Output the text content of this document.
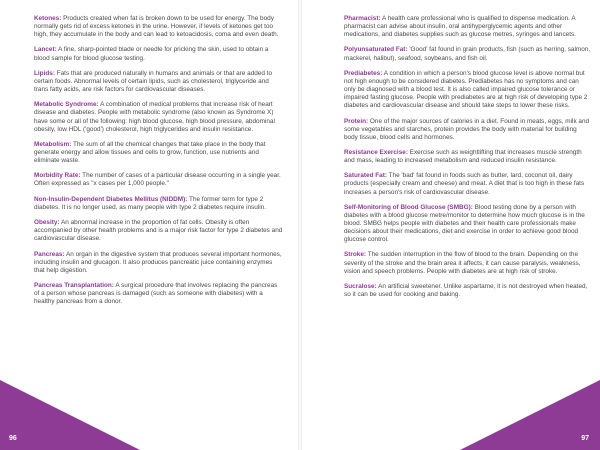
Ketones: Products created when fat is broken down to be used for energy. The body normally gets rid of excess ketones in the urine. However, if levels of ketones get too high, they accumulate in the body and can lead to ketoacidosis, coma and even death.

Lancet: A fine, sharp-pointed blade or needle for pricking the skin, used to obtain a blood sample for blood glucose testing.

Lipids: Fats that are produced naturally in humans and animals or that are added to certain foods. Abnormal levels of certain lipids, such as cholesterol, triglyceride and trans fatty acids, are risk factors for cardiovascular diseases.

Metabolic Syndrome: A combination of medical problems that increase risk of heart disease and diabetes. People with metabolic syndrome (also known as Syndrome X) have some or all of the following: high blood glucose, high blood pressure, abdominal obesity, low HDL ('good') cholesterol, high triglycerides and insulin resistance.

Metabolism: The sum of all the chemical changes that take place in the body that generate energy and allow tissues and cells to grow, function, use nutrients and eliminate waste.

Morbidity Rate: The number of cases of a particular disease occurring in a single year. Often expressed as "x cases per 1,000 people."

Non-Insulin-Dependent Diabetes Mellitus (NIDDM): The former term for type 2 diabetes. It is no longer used, as many people with type 2 diabetes require insulin.

Obesity: An abnormal increase in the proportion of fat cells. Obesity is often accompanied by other health problems and is a major risk factor for type 2 diabetes and cardiovascular disease.

Pancreas: An organ in the digestive system that produces several important hormones, including insulin and glucagon. It also produces pancreatic juice containing enzymes that help digestion.

Pancreas Transplantation: A surgical procedure that involves replacing the pancreas of a person whose pancreas is damaged (such as someone with diabetes) with a healthy pancreas from a donor.

Pharmacist: A health care professional who is qualified to dispense medication. A pharmacist can advise about insulin, oral antihyperglycemic agents and other medications, and diabetes supplies such as glucose metres, syringes and lancets.

Polyunsaturated Fat: 'Good' fat found in grain products, fish (such as herring, salmon, mackerel, halibut), seafood, soybeans, and fish oil.

Prediabetes: A condition in which a person's blood glucose level is above normal but not high enough to be considered diabetes. Prediabetes has no symptoms and can only be diagnosed with a blood test. It is also called impaired glucose tolerance or impaired fasting glucose. People with prediabetes are at high risk of developing type 2 diabetes and cardiovascular disease and should take steps to lower these risks.

Protein: One of the major sources of calories in a diet. Found in meats, eggs, milk and some vegetables and starches, protein provides the body with material for building body tissue, blood cells and hormones.

Resistance Exercise: Exercise such as weightlifting that increases muscle strength and mass, leading to increased metabolism and reduced insulin resistance.

Saturated Fat: The 'bad' fat found in foods such as butter, lard, coconut oil, dairy products (especially cream and cheese) and meat. A diet that is too high in these fats increases a person's risk of cardiovascular disease.

Self-Monitoring of Blood Glucose (SMBG): Blood testing done by a person with diabetes with a blood glucose metre/monitor to determine how much glucose is in the blood. SMBG helps people with diabetes and their health care professionals make decisions about their medications, diet and exercise in order to achieve good blood glucose control.

Stroke: The sudden interruption in the flow of blood to the brain. Depending on the severity of the stroke and the brain area it affects, it can cause paralysis, weakness, vision and speech problems. People with diabetes are at high risk of stroke.

Sucralose: An artificial sweetener. Unlike aspartame, it is not destroyed when heated, so it can be used for cooking and baking.

96	97
